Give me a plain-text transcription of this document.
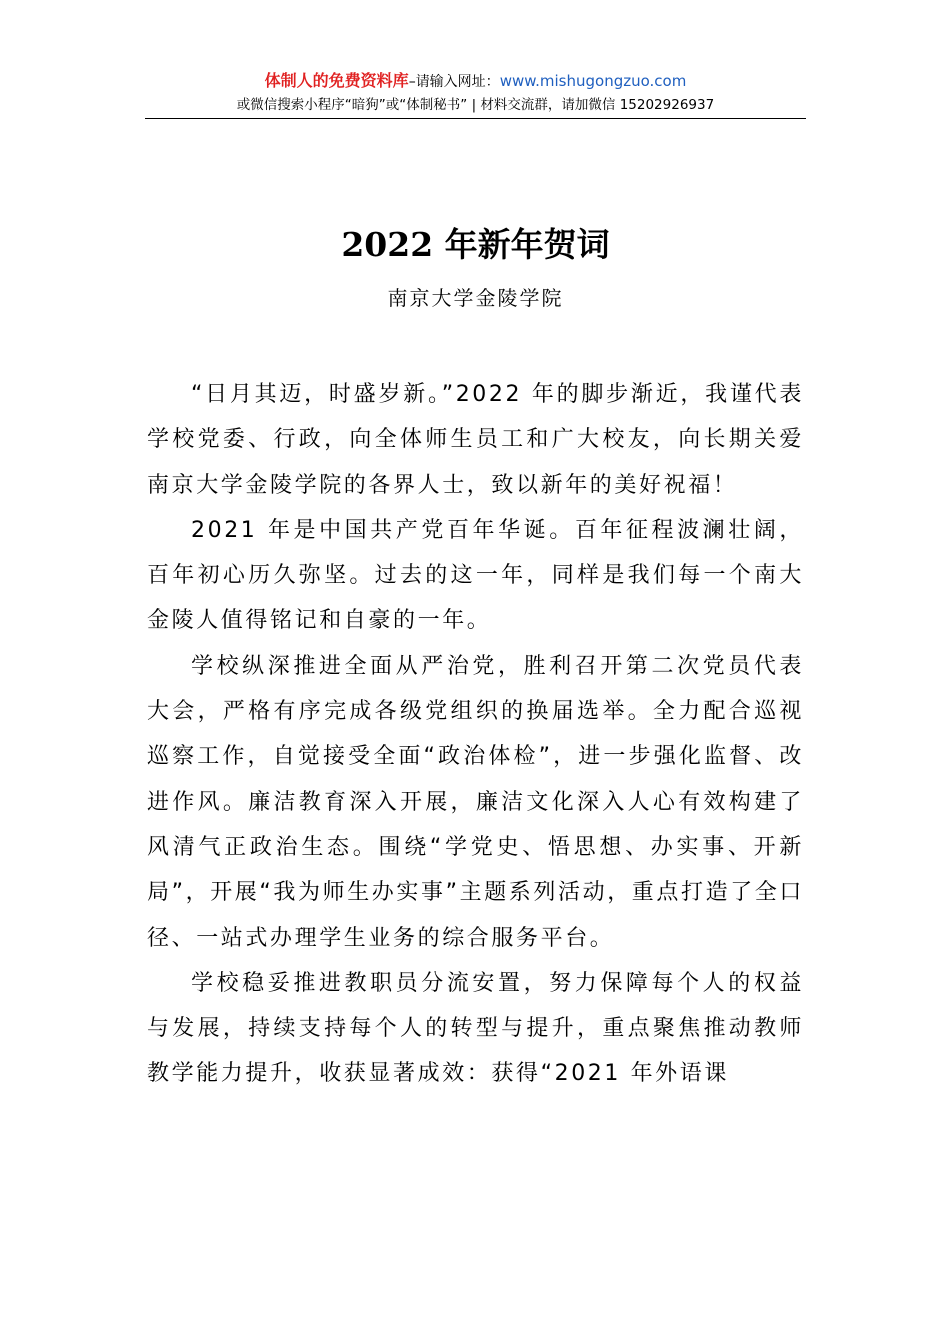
体制人的免费资料库–请输入网址：www.mishugongzuo.com
或微信搜索小程序“暗狗”或“体制秘书” | 材料交流群，请加微信 15202926937
2022 年新年贺词
南京大学金陵学院

“日月其迈，时盛岁新。”2022 年的脚步渐近，我谨代表学校党委、行政，向全体师生员工和广大校友，向长期关爱南京大学金陵学院的各界人士，致以新年的美好祝福！

2021 年是中国共产党百年华诞。百年征程波澜壮阔，百年初心历久弥坚。过去的这一年，同样是我们每一个南大金陵人值得铭记和自豪的一年。

学校纵深推进全面从严治党，胜利召开第二次党员代表大会，严格有序完成各级党组织的换届选举。全力配合巡视巡察工作，自觉接受全面“政治体检”，进一步强化监督、改进作风。廉洁教育深入开展，廉洁文化深入人心有效构建了风清气正政治生态。围绕“学党史、悟思想、办实事、开新局”，开展“我为师生办实事”主题系列活动，重点打造了全口径、一站式办理学生业务的综合服务平台。

学校稳妥推进教职员分流安置，努力保障每个人的权益与发展，持续支持每个人的转型与提升，重点聚焦推动教师教学能力提升，收获显著成效：获得“2021 年外语课
